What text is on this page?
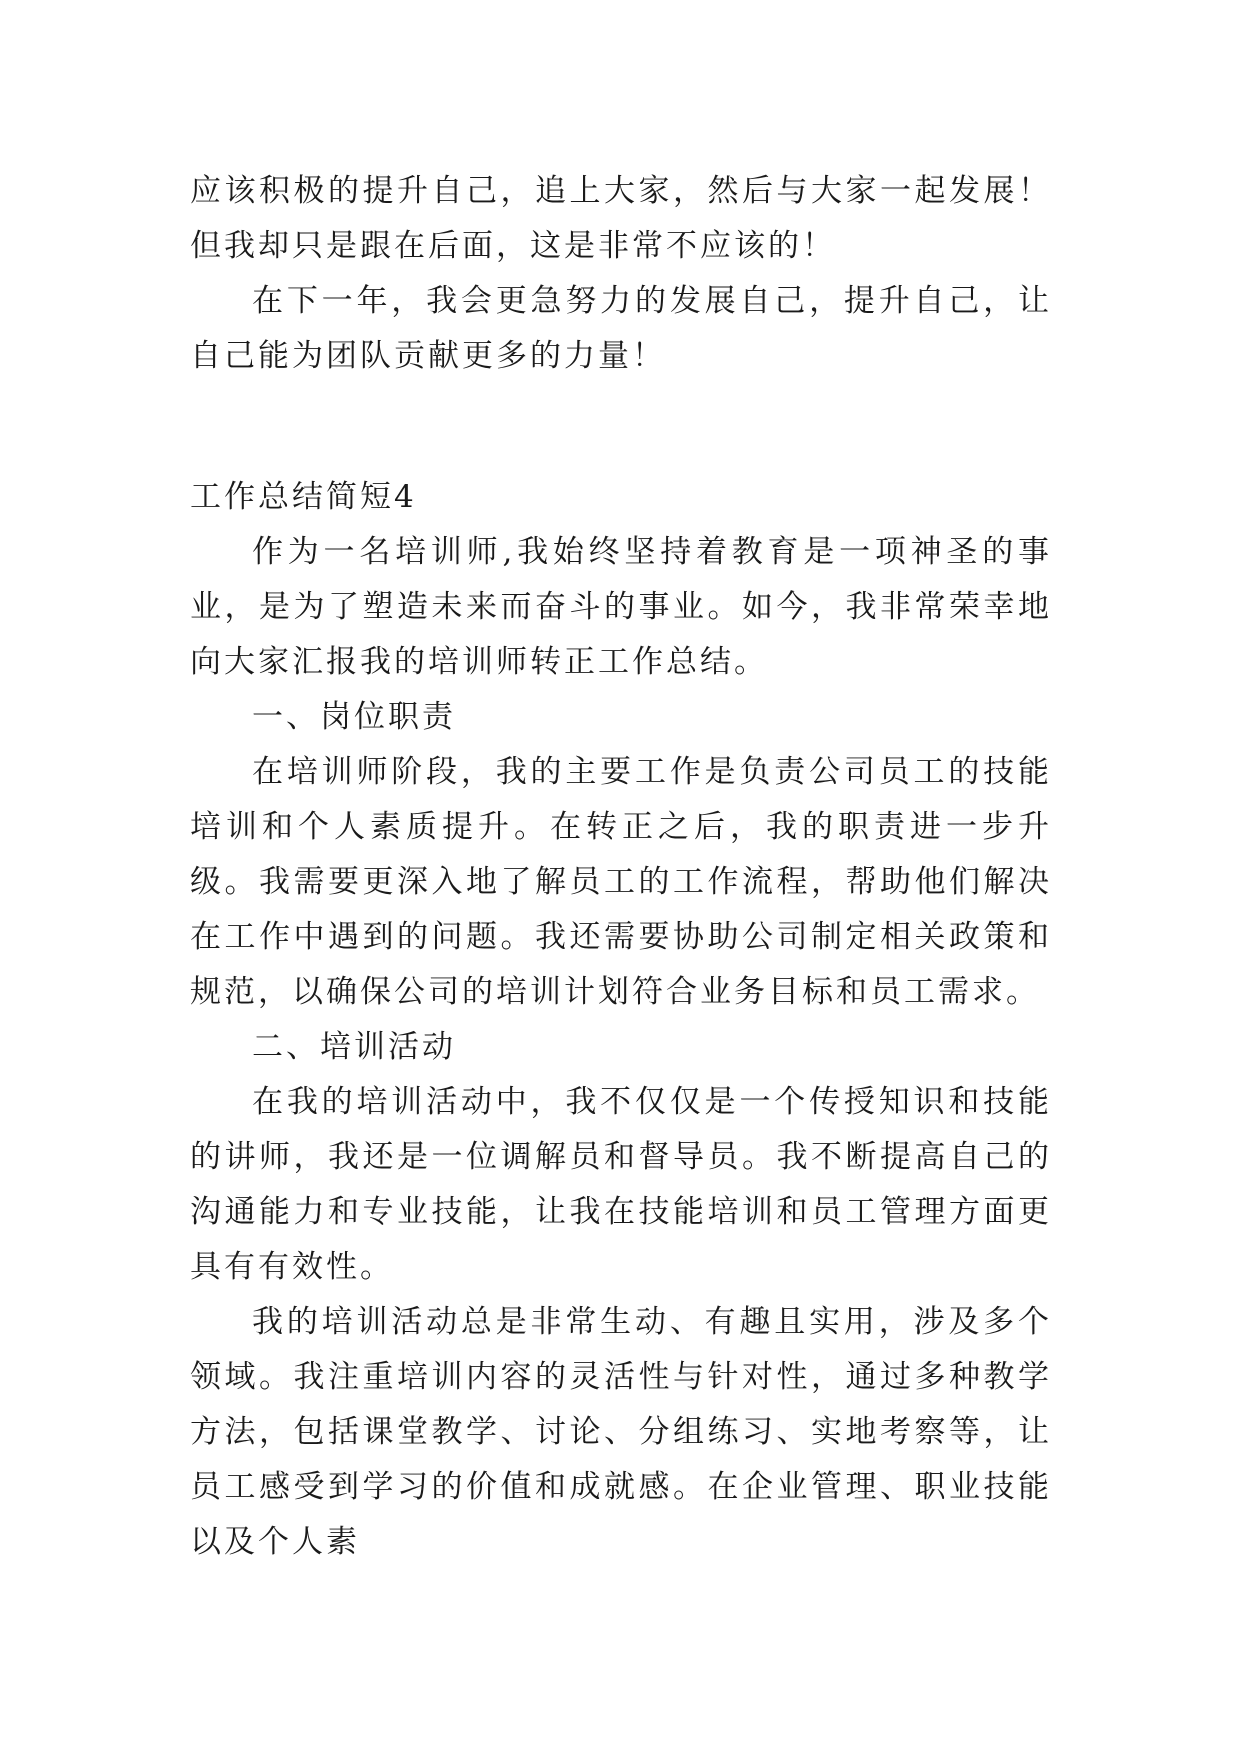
应该积极的提升自己，追上大家，然后与大家一起发展！但我却只是跟在后面，这是非常不应该的！

在下一年，我会更急努力的发展自己，提升自己，让自己能为团队贡献更多的力量！

工作总结简短4

作为一名培训师,我始终坚持着教育是一项神圣的事业，是为了塑造未来而奋斗的事业。如今，我非常荣幸地向大家汇报我的培训师转正工作总结。

一、岗位职责

在培训师阶段，我的主要工作是负责公司员工的技能培训和个人素质提升。在转正之后，我的职责进一步升级。我需要更深入地了解员工的工作流程，帮助他们解决在工作中遇到的问题。我还需要协助公司制定相关政策和规范，以确保公司的培训计划符合业务目标和员工需求。

二、培训活动

在我的培训活动中，我不仅仅是一个传授知识和技能的讲师，我还是一位调解员和督导员。我不断提高自己的沟通能力和专业技能，让我在技能培训和员工管理方面更具有有效性。

我的培训活动总是非常生动、有趣且实用，涉及多个领域。我注重培训内容的灵活性与针对性，通过多种教学方法，包括课堂教学、讨论、分组练习、实地考察等，让员工感受到学习的价值和成就感。在企业管理、职业技能以及个人素
